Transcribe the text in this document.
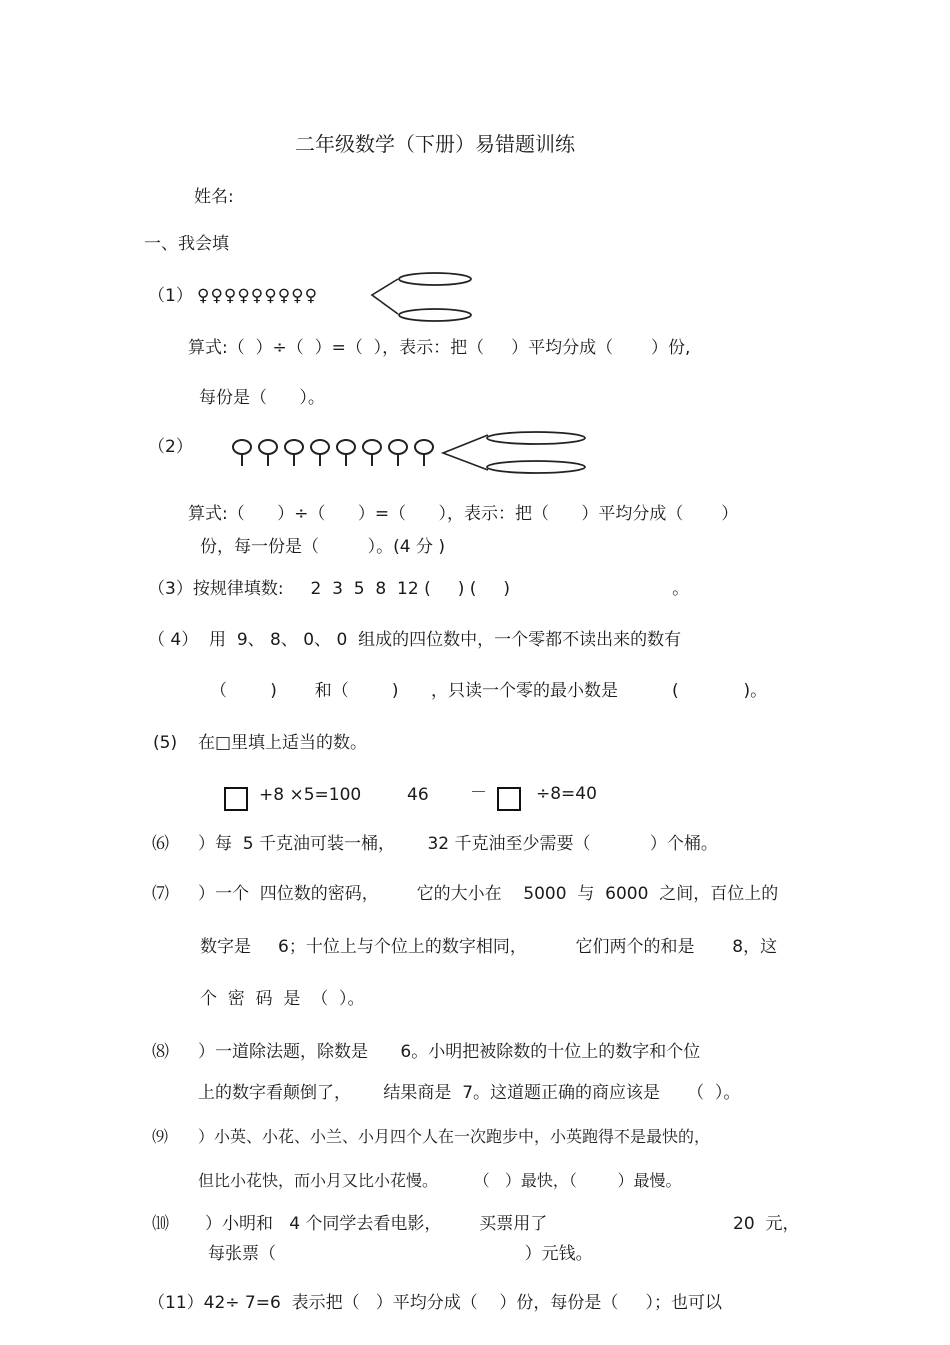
二年级数学（下册）易错题训练
姓名:
一、我会填
（1） ♀♀♀♀♀♀♀♀♀
算式:（  ）÷（  ）=（  ），表示：把（     ）平均分成（       ）份,
每份是（      ）。
（2）
算式:（      ）÷（      ）=（      ），表示：把（      ）平均分成（       ）
份，每一份是（         ）。(4 分 )
（3）按规律填数:     2  3  5  8  12 (     ) (     )                              。
（ 4）  用  9、 8、 0、 0  组成的四位数中，一个零都不读出来的数有
（        )       和（        )      ，只读一个零的最小数是          (            )。
(5) 在□里填上适当的数。
+8 ×5=100	46 －	÷8=40
⑹ ）每  5 千克油可装一桶，      32 千克油至少需要（           ）个桶。
⑺ ）一个  四位数的密码，       它的大小在    5000  与  6000  之间，百位上的
数字是     6；十位上与个位上的数字相同，         它们两个的和是       8，这
个  密  码  是  （  ）。
⑻ ）一道除法题，除数是      6。小明把被除数的十位上的数字和个位
上的数字看颠倒了，      结果商是  7。这道题正确的商应该是     （  ）。
⑼ ）小英、小花、小兰、小月四个人在一次跑步中，小英跑得不是最快的，
但比小花快，而小月又比小花慢。       （   ）最快，（        ）最慢。
⑽ ）小明和   4 个同学去看电影，       买票用了	20  元，
每张票（                                              ）元钱。
（11）42÷ 7=6  表示把（   ）平均分成（    ）份，每份是（     ）；也可以
